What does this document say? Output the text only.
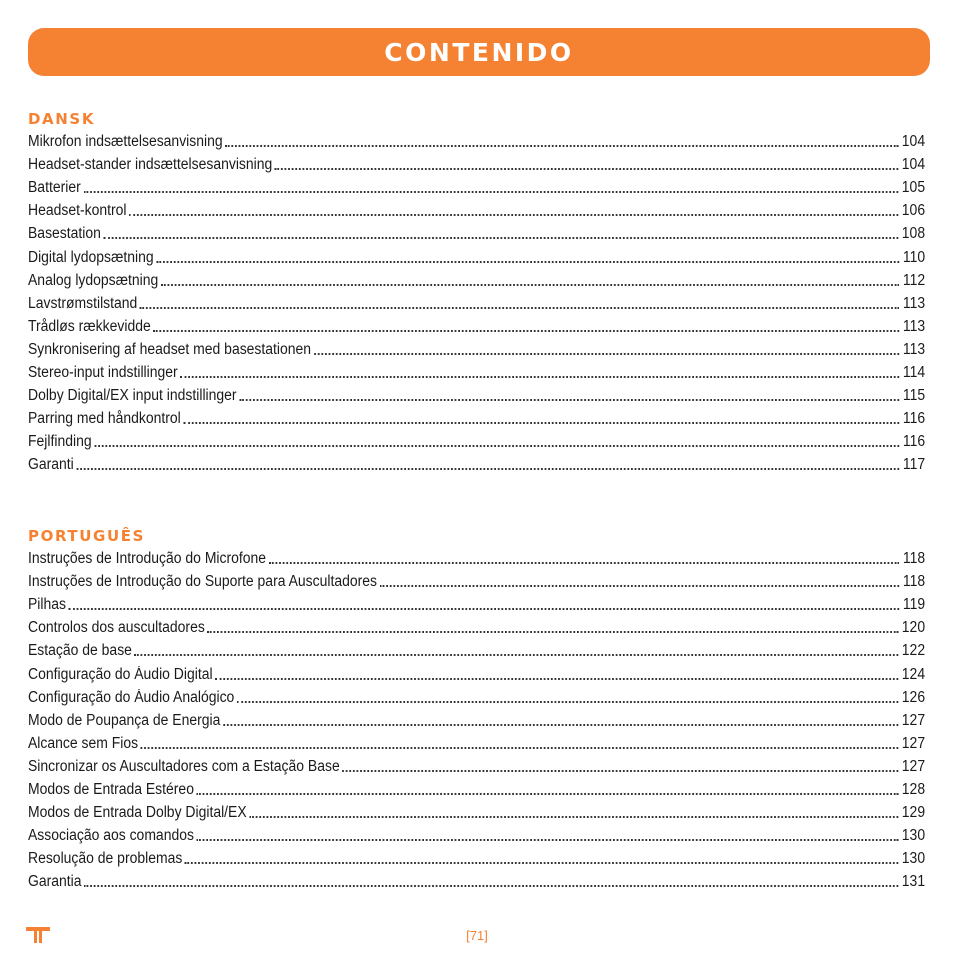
CONTENIDO
DANSK
Mikrofon indsættelsesanvisning	104
Headset-stander indsættelsesanvisning	104
Batterier	105
Headset-kontrol	106
Basestation	108
Digital lydopsætning	110
Analog lydopsætning	112
Lavstrømstilstand	113
Trådløs rækkevidde	113
Synkronisering af headset med basestationen	113
Stereo-input indstillinger	114
Dolby Digital/EX input indstillinger	115
Parring med håndkontrol	116
Fejlfinding	116
Garanti	117
PORTUGUÊS
Instruções de Introdução do Microfone	118
Instruções de Introdução do Suporte para Auscultadores	118
Pilhas	119
Controlos dos auscultadores	120
Estação de base	122
Configuração do Áudio Digital	124
Configuração do Áudio Analógico	126
Modo de Poupança de Energia	127
Alcance sem Fios	127
Sincronizar os Auscultadores com a Estação Base	127
Modos de Entrada Estéreo	128
Modos de Entrada Dolby Digital/EX	129
Associação aos comandos	130
Resolução de problemas	130
Garantia	131
[71]
